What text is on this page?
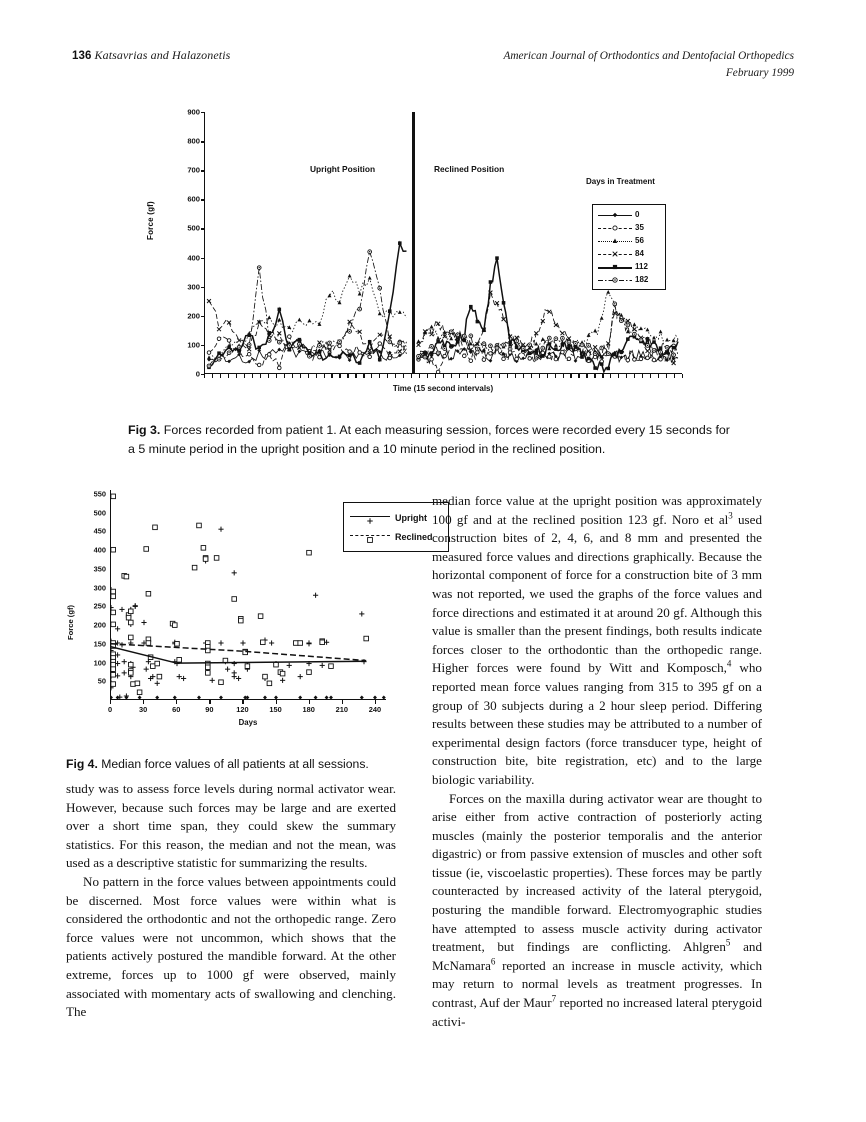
136 Katsavrias and Halazonetis	American Journal of Orthodontics and Dentofacial Orthopedics
February 1999
Force (gf)
900
800
700
600
500
400
300
200
100
0
Upright Position	Reclined Position
Time (15 second intervals)
Days in Treatment
0
35
56
84
112
182
Fig 3. Forces recorded from patient 1. At each measuring session, forces were recorded every 15 seconds for a 5 minute period in the upright position and a 10 minute period in the reclined position.
Force (gf)
50
100
150
200
250
300
350
400
450
500
550
Upright
Reclined
0	30	60	90	120	150	180	210	240
Days
Fig 4. Median force values of all patients at all sessions.

study was to assess force levels during normal activator wear. However, because such forces may be large and are exerted over a short time span, they could skew the summary statistics. For this reason, the median and not the mean, was used as a descriptive statistic for summarizing the results.

No pattern in the force values between appointments could be discerned. Most force values were within what is considered the orthodontic and not the orthopedic range. Zero force values were not uncommon, which shows that the patients actively postured the mandible forward. At the other extreme, forces up to 1000 gf were observed, mainly associated with momentary acts of swallowing and clenching. The

median force value at the upright position was approximately 100 gf and at the reclined position 123 gf. Noro et $al^3$ used construction bites of 2, 4, 6, and 8 mm and presented the measured force values and directions graphically. Because the horizontal component of force for a construction bite of 3 mm was not reported, we used the graphs of the force values and force directions and estimated it at around 20 gf. Although this value is smaller than the present findings, both results indicate forces closer to the orthodontic than the orthopedic range. Higher forces were found by Witt and Komposch,$^4$ who reported mean force values ranging from 315 to 395 gf on a group of 30 subjects during a 2 hour sleep period. Differing results between these studies may be attributed to a number of experimental design factors (force transducer type, height of construction bite, bite registration, etc) and to the large biologic variability.

Forces on the maxilla during activator wear are thought to arise either from active contraction of posteriorly acting muscles (mainly the posterior temporalis and the anterior digastric) or from passive extension of muscles and other soft tissue (ie, viscoelastic properties). These forces may be partly counteracted by increased activity of the lateral pterygoid, posturing the mandible forward. Electromyographic studies have attempted to assess muscle activity during activator treatment, but findings are conflicting. Ahlgren$^5$ and McNamara$^6$ reported an increase in muscle activity, which may return to normal levels as treatment progresses. In contrast, Auf der Maur$^7$ reported no increased lateral pterygoid activi-
